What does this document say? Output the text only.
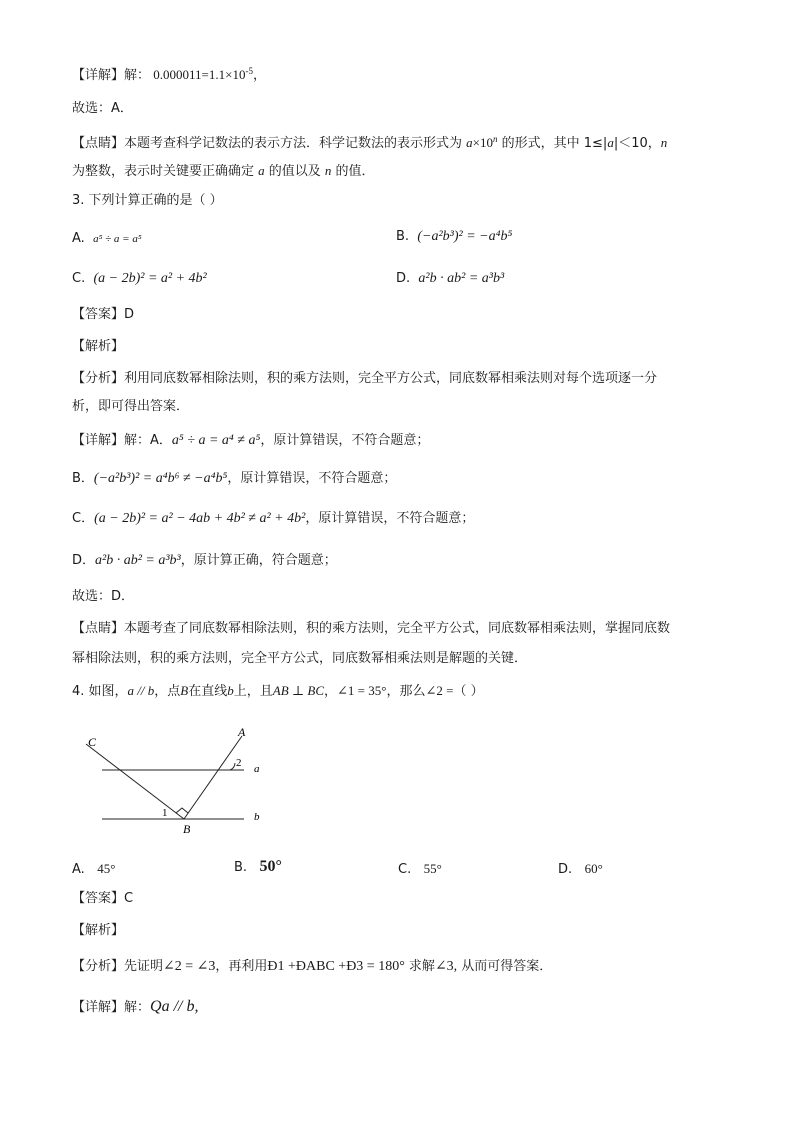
【详解】解： $0.000011=1.1\times 10^{-5}$，
故选：A．
【点睛】本题考查科学记数法的表示方法．科学记数法的表示形式为 $a\times 10^n$ 的形式，其中 1≤|a|＜10，n
为整数，表示时关键要正确确定 a 的值以及 n 的值．
3. 下列计算正确的是（ ）
A. a⁵ ÷ a = a⁵	B. (−a²b³)² = −a⁴b⁵
C. (a − 2b)² = a² + 4b²	D. a²b · ab² = a³b³
【答案】D
【解析】
【分析】利用同底数幂相除法则，积的乘方法则，完全平方公式，同底数幂相乘法则对每个选项逐一分
析，即可得出答案．
【详解】解：A．a⁵ ÷ a = a⁴ ≠ a⁵，原计算错误，不符合题意；
B．(−a²b³)² = a⁴b⁶ ≠ −a⁴b⁵，原计算错误，不符合题意；
C．(a − 2b)² = a² − 4ab + 4b² ≠ a² + 4b²，原计算错误，不符合题意；
D．a²b · ab² = a³b³，原计算正确，符合题意；
故选：D．
【点睛】本题考查了同底数幂相除法则，积的乘方法则，完全平方公式，同底数幂相乘法则，掌握同底数
幂相除法则，积的乘方法则，完全平方公式，同底数幂相乘法则是解题的关键．
4. 如图，a // b，点B在直线b上，且AB ⊥ BC，∠1 = 35°，那么∠2 =（ ）
C
A
a
b
B
1
2
A. 45°	B. 50°	C. 55°	D. 60°
【答案】C
【解析】
【分析】先证明∠2 = ∠3，再利用Ð1 +ÐABC +Ð3 = 180° 求解∠3, 从而可得答案．
【详解】解：Qa // b,
